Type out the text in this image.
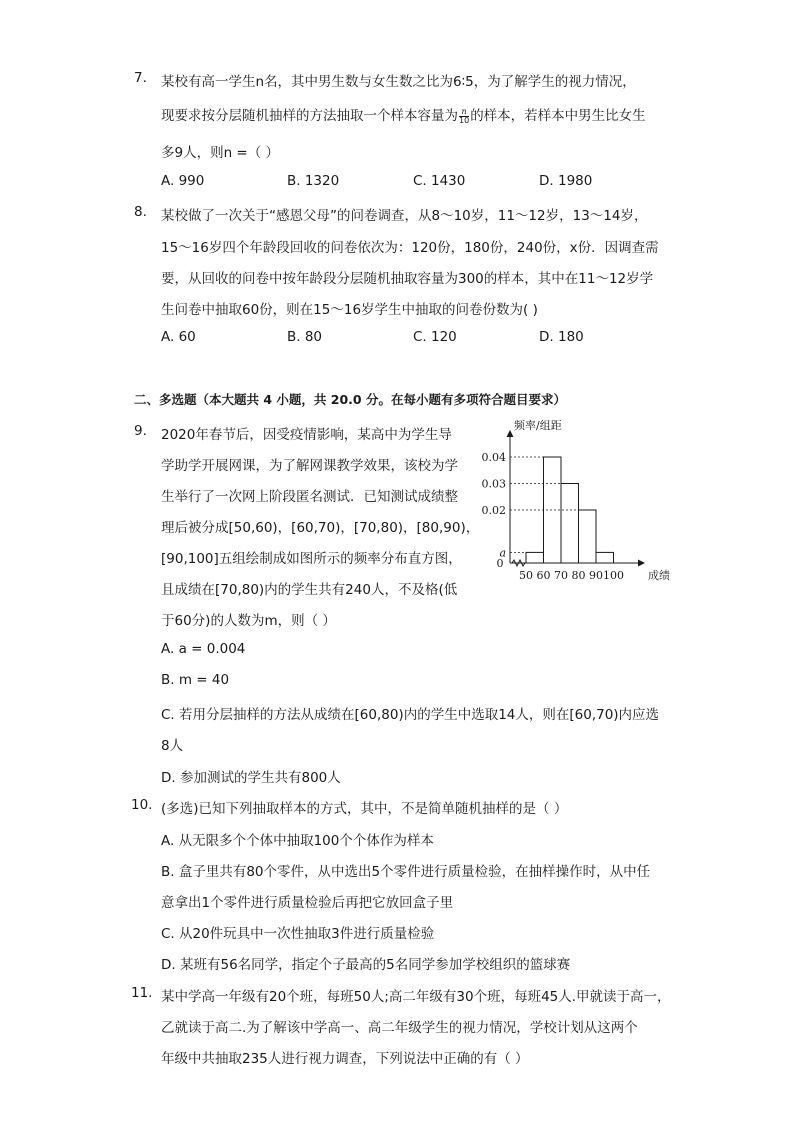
7. 某校有高一学生n名，其中男生数与女生数之比为6∶5，为了解学生的视力情况，
现要求按分层随机抽样的方法抽取一个样本容量为 $\frac{n}{10}$ 的样本，若样本中男生比女生
多9人，则n =（ ）
A. 990	B. 1320	C. 1430	D. 1980
8. 某校做了一次关于“感恩父母”的问卷调查，从8～10岁，11～12岁，13～14岁，
15～16岁四个年龄段回收的问卷依次为：120份，180份，240份，x份．因调查需
要，从回收的问卷中按年龄段分层随机抽取容量为300的样本，其中在11～12岁学
生问卷中抽取60份，则在15～16岁学生中抽取的问卷份数为( )
A. 60	B. 80	C. 120	D. 180
二、多选题（本大题共 4 小题，共 20.0 分。在每小题有多项符合题目要求）
9. 2020年春节后，因受疫情影响，某高中为学生导
学助学开展网课，为了解网课教学效果，该校为学
生举行了一次网上阶段匿名测试．已知测试成绩整
理后被分成[50,60)，[60,70)，[70,80)，[80,90)，
[90,100]五组绘制成如图所示的频率分布直方图，
且成绩在[70,80)内的学生共有240人，不及格(低
于60分)的人数为m，则（ ）
A. a = 0.004
B. m = 40
C. 若用分层抽样的方法从成绩在[60,80)内的学生中选取14人，则在[60,70)内应选
8人
D. 参加测试的学生共有800人
a
0.02
0.03
0.04
0
50 60 70 80 90 100
频率/组距
成绩
10. (多选)已知下列抽取样本的方式，其中，不是简单随机抽样的是（ ）
A. 从无限多个个体中抽取100个个体作为样本
B. 盒子里共有80个零件，从中选出5个零件进行质量检验，在抽样操作时，从中任
意拿出1个零件进行质量检验后再把它放回盒子里
C. 从20件玩具中一次性抽取3件进行质量检验
D. 某班有56名同学，指定个子最高的5名同学参加学校组织的篮球赛
11. 某中学高一年级有20个班，每班50人;高二年级有30个班，每班45人.甲就读于高一，
乙就读于高二.为了解该中学高一、高二年级学生的视力情况，学校计划从这两个
年级中共抽取235人进行视力调查，下列说法中正确的有（ ）
